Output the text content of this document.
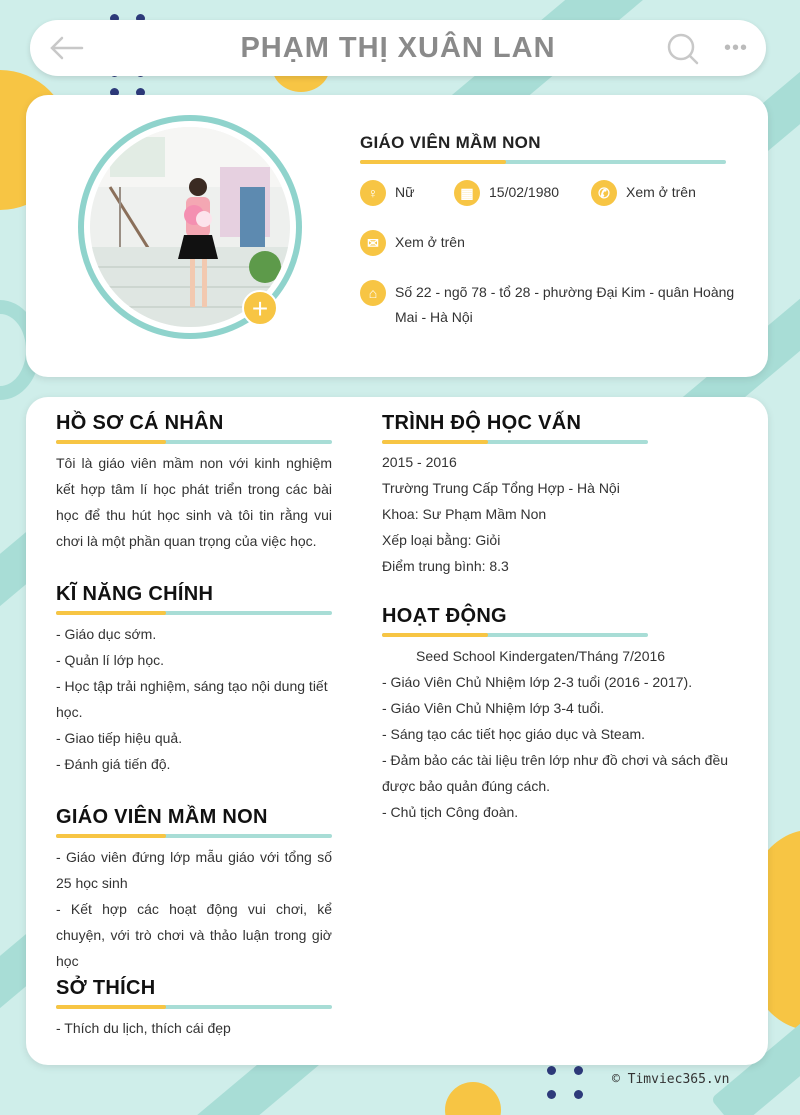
PHẠM THỊ XUÂN LAN	•••
+
GIÁO VIÊN MẦM NON
♀	Nữ	▦	15/02/1980	✆	Xem ở trên
✉	Xem ở trên
⌂	Số 22 - ngõ 78 - tổ 28 - phường Đại Kim - quân Hoàng Mai - Hà Nội
HỒ SƠ CÁ NHÂN
Tôi là giáo viên mầm non với kinh nghiệm kết hợp tâm lí học phát triển trong các bài học để thu hút học sinh và tôi tin rằng vui chơi là một phần quan trọng của việc học.
KĨ NĂNG CHÍNH
- Giáo dục sớm.
- Quản lí lớp học.
- Học tập trải nghiệm, sáng tạo nội dung tiết học.
- Giao tiếp hiệu quả.
- Đánh giá tiến độ.
GIÁO VIÊN MẦM NON
- Giáo viên đứng lớp mẫu giáo với tổng số 25 học sinh
- Kết hợp các hoạt động vui chơi, kể chuyện, với trò chơi và thảo luận trong giờ học
SỞ THÍCH
- Thích du lịch, thích cái đẹp
TRÌNH ĐỘ HỌC VẤN
2015 - 2016
Trường Trung Cấp Tổng Hợp - Hà Nội
Khoa: Sư Phạm Mầm Non
Xếp loại bằng: Giỏi
Điểm trung bình: 8.3
HOẠT ĐỘNG
Seed School Kindergaten/Tháng 7/2016
- Giáo Viên Chủ Nhiệm lớp 2-3 tuổi (2016 - 2017).
- Giáo Viên Chủ Nhiệm lớp 3-4 tuổi.
- Sáng tạo các tiết học giáo dục và Steam.
- Đảm bảo các tài liệu trên lớp như đồ chơi và sách đều được bảo quản đúng cách.
- Chủ tịch Công đoàn.
© Timviec365.vn
